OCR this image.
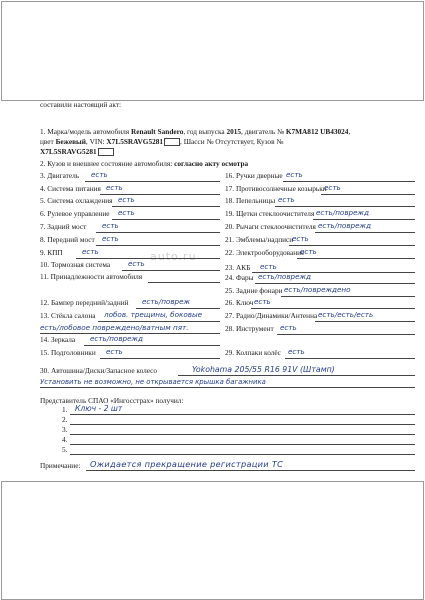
составили настоящий акт:
1. Марка/модель автомобиля Renault Sandero, год выпуска 2015, двигатель № K7MA812 UB43024,
цвет Бежевый, VIN: X7L5SRAVG5281 , Шасси № Отсутствует, Кузов №
X7L5SRAVG5281
2. Кузов и внешнее состояние автомобиля: согласно акту осмотра
auto.ru
3. Двигатель есть
4. Система питания есть
5. Система охлаждения есть
6. Рулевое управление есть
7. Задний мост есть
8. Передний мост есть
9. КПП	есть
10. Тормозная система есть
11. Принадлежности автомобиля
12. Бампер передний/задний есть/повреж
13. Стёкла салона лобов. трещины, боковые
14. Зеркала есть/поврежд
15. Подголовники есть
16. Ручки дверные есть
17. Противосолнечные козырьки
есть
18. Пепельницы есть
19. Щетки стеклоочистителя есть/поврежд
20. Рычаги стеклоочистителя есть/поврежд
21. Эмблемы/надписи
есть
22. Электрооборудование
есть
24. Фары есть/поврежд
25. Задние фонари есть/повреждено
26. Ключ есть
27. Радио/Динамики/Антенна есть/есть/есть
28. Инструмент есть
29. Колпаки колёс есть
есть/лобовое повреждено/ватным пят.
23. АКБ есть
30. Автошина/Диски/Запасное колесо	Yokohama 205/55 R16 91V (Штамп)
Установить не возможно, не открывается крышка багажника
Представитель СПАО «Ингосстрах» получил:
1.
2.
3.
4.
5.
Ключ - 2 шт
Примечание: Ожидается прекращение регистрации ТС
